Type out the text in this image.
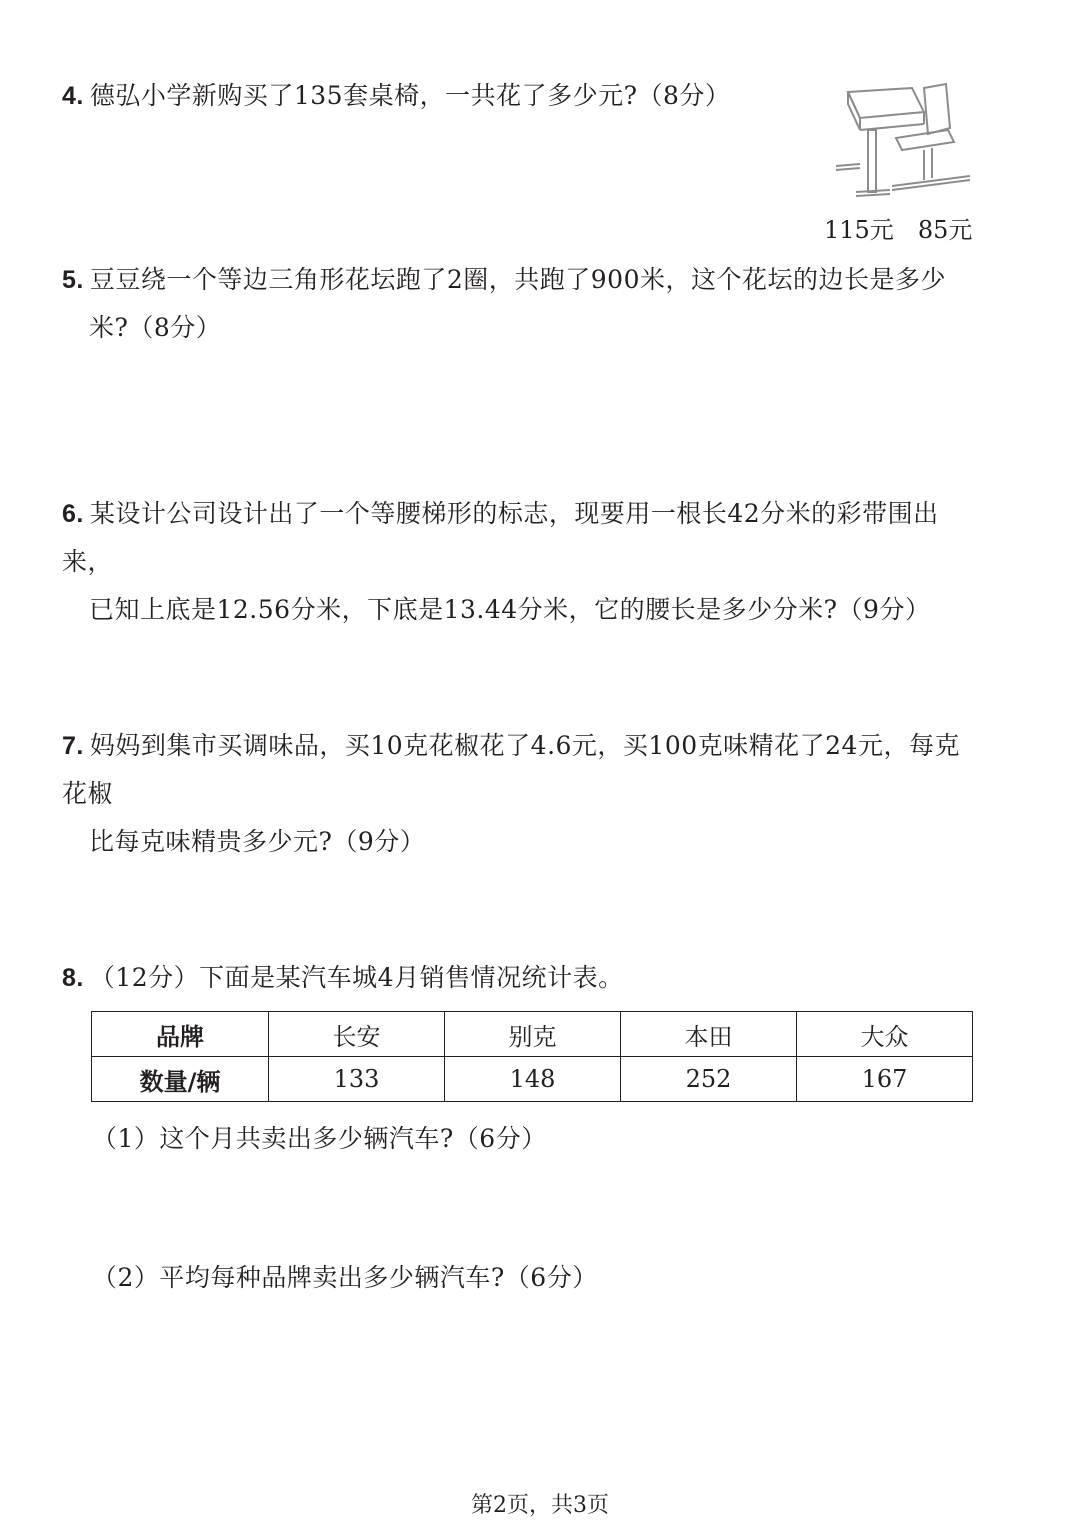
4. 德弘小学新购买了135套桌椅，一共花了多少元?（8分）
115元 85元
5. 豆豆绕一个等边三角形花坛跑了2圈，共跑了900米，这个花坛的边长是多少
米?（8分）
6. 某设计公司设计出了一个等腰梯形的标志，现要用一根长42分米的彩带围出来，
已知上底是12.56分米，下底是13.44分米，它的腰长是多少分米?（9分）
7. 妈妈到集市买调味品，买10克花椒花了4.6元，买100克味精花了24元，每克花椒
比每克味精贵多少元?（9分）
8. （12分）下面是某汽车城4月销售情况统计表。
品牌	长安	别克	本田	大众
数量/辆	133	148	252	167
（1）这个月共卖出多少辆汽车?（6分）
（2）平均每种品牌卖出多少辆汽车?（6分）
第2页，共3页
